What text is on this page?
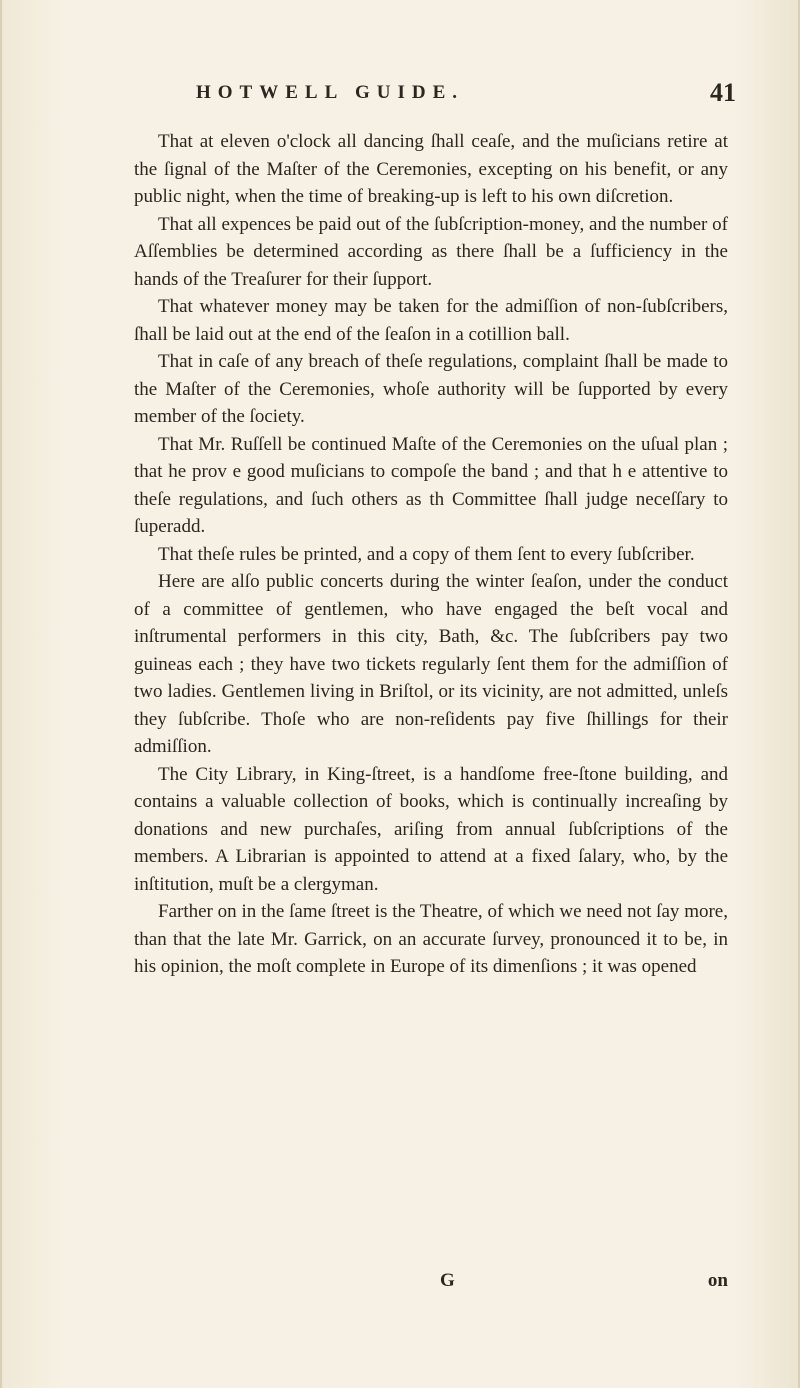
HOTWELL GUIDE.	41

That at eleven o'clock all dancing ſhall ceaſe, and the muſicians retire at the ſignal of the Maſter of the Ceremonies, excepting on his benefit, or any public night, when the time of breaking-up is left to his own diſcretion.

That all expences be paid out of the ſubſcription-money, and the number of Aſſemblies be determined according as there ſhall be a ſufficiency in the hands of the Treaſurer for their ſupport.

That whatever money may be taken for the admiſſion of non-ſubſcribers, ſhall be laid out at the end of the ſeaſon in a cotillion ball.

That in caſe of any breach of theſe regulations, complaint ſhall be made to the Maſter of the Ceremonies, whoſe authority will be ſupported by every member of the ſociety.

That Mr. Ruſſell be continued Maſte of the Ceremonies on the uſual plan ; that he prov e good muſicians to compoſe the band ; and that h e attentive to theſe regulations, and ſuch others as th Committee ſhall judge neceſſary to ſuperadd.

That theſe rules be printed, and a copy of them ſent to every ſubſcriber.

Here are alſo public concerts during the winter ſeaſon, under the conduct of a committee of gentlemen, who have engaged the beſt vocal and inſtrumental performers in this city, Bath, &c. The ſubſcribers pay two guineas each ; they have two tickets regularly ſent them for the admiſſion of two ladies. Gentlemen living in Briſtol, or its vicinity, are not admitted, unleſs they ſubſcribe. Thoſe who are non-reſidents pay five ſhillings for their admiſſion.

The City Library, in King-ſtreet, is a handſome free-ſtone building, and contains a valuable collection of books, which is continually increaſing by donations and new purchaſes, ariſing from annual ſubſcriptions of the members. A Librarian is appointed to attend at a fixed ſalary, who, by the inſtitution, muſt be a clergyman.

Farther on in the ſame ſtreet is the Theatre, of which we need not ſay more, than that the late Mr. Garrick, on an accurate ſurvey, pronounced it to be, in his opinion, the moſt complete in Europe of its dimenſions ; it was opened

G	on
